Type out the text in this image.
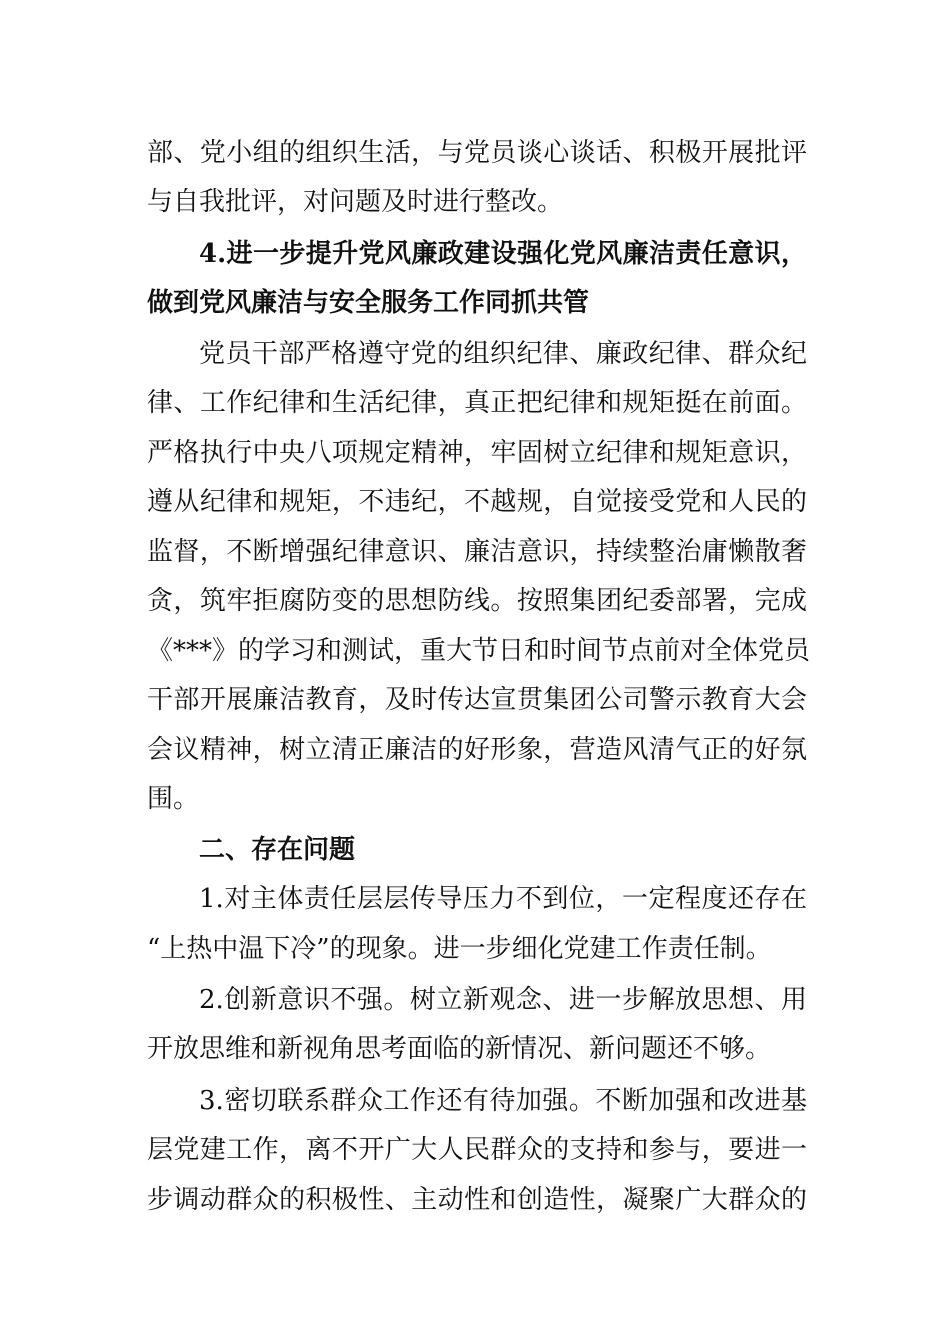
部、党小组的组织生活，与党员谈心谈话、积极开展批评
与自我批评，对问题及时进行整改。
4.进一步提升党风廉政建设强化党风廉洁责任意识，
做到党风廉洁与安全服务工作同抓共管
党员干部严格遵守党的组织纪律、廉政纪律、群众纪
律、工作纪律和生活纪律，真正把纪律和规矩挺在前面。
严格执行中央八项规定精神，牢固树立纪律和规矩意识，
遵从纪律和规矩，不违纪，不越规，自觉接受党和人民的
监督，不断增强纪律意识、廉洁意识，持续整治庸懒散奢
贪，筑牢拒腐防变的思想防线。按照集团纪委部署，完成
《***》的学习和测试，重大节日和时间节点前对全体党员
干部开展廉洁教育，及时传达宣贯集团公司警示教育大会
会议精神，树立清正廉洁的好形象，营造风清气正的好氛
围。
二、存在问题
1.对主体责任层层传导压力不到位，一定程度还存在
“上热中温下冷”的现象。进一步细化党建工作责任制。
2.创新意识不强。树立新观念、进一步解放思想、用
开放思维和新视角思考面临的新情况、新问题还不够。
3.密切联系群众工作还有待加强。不断加强和改进基
层党建工作，离不开广大人民群众的支持和参与，要进一
步调动群众的积极性、主动性和创造性，凝聚广大群众的
